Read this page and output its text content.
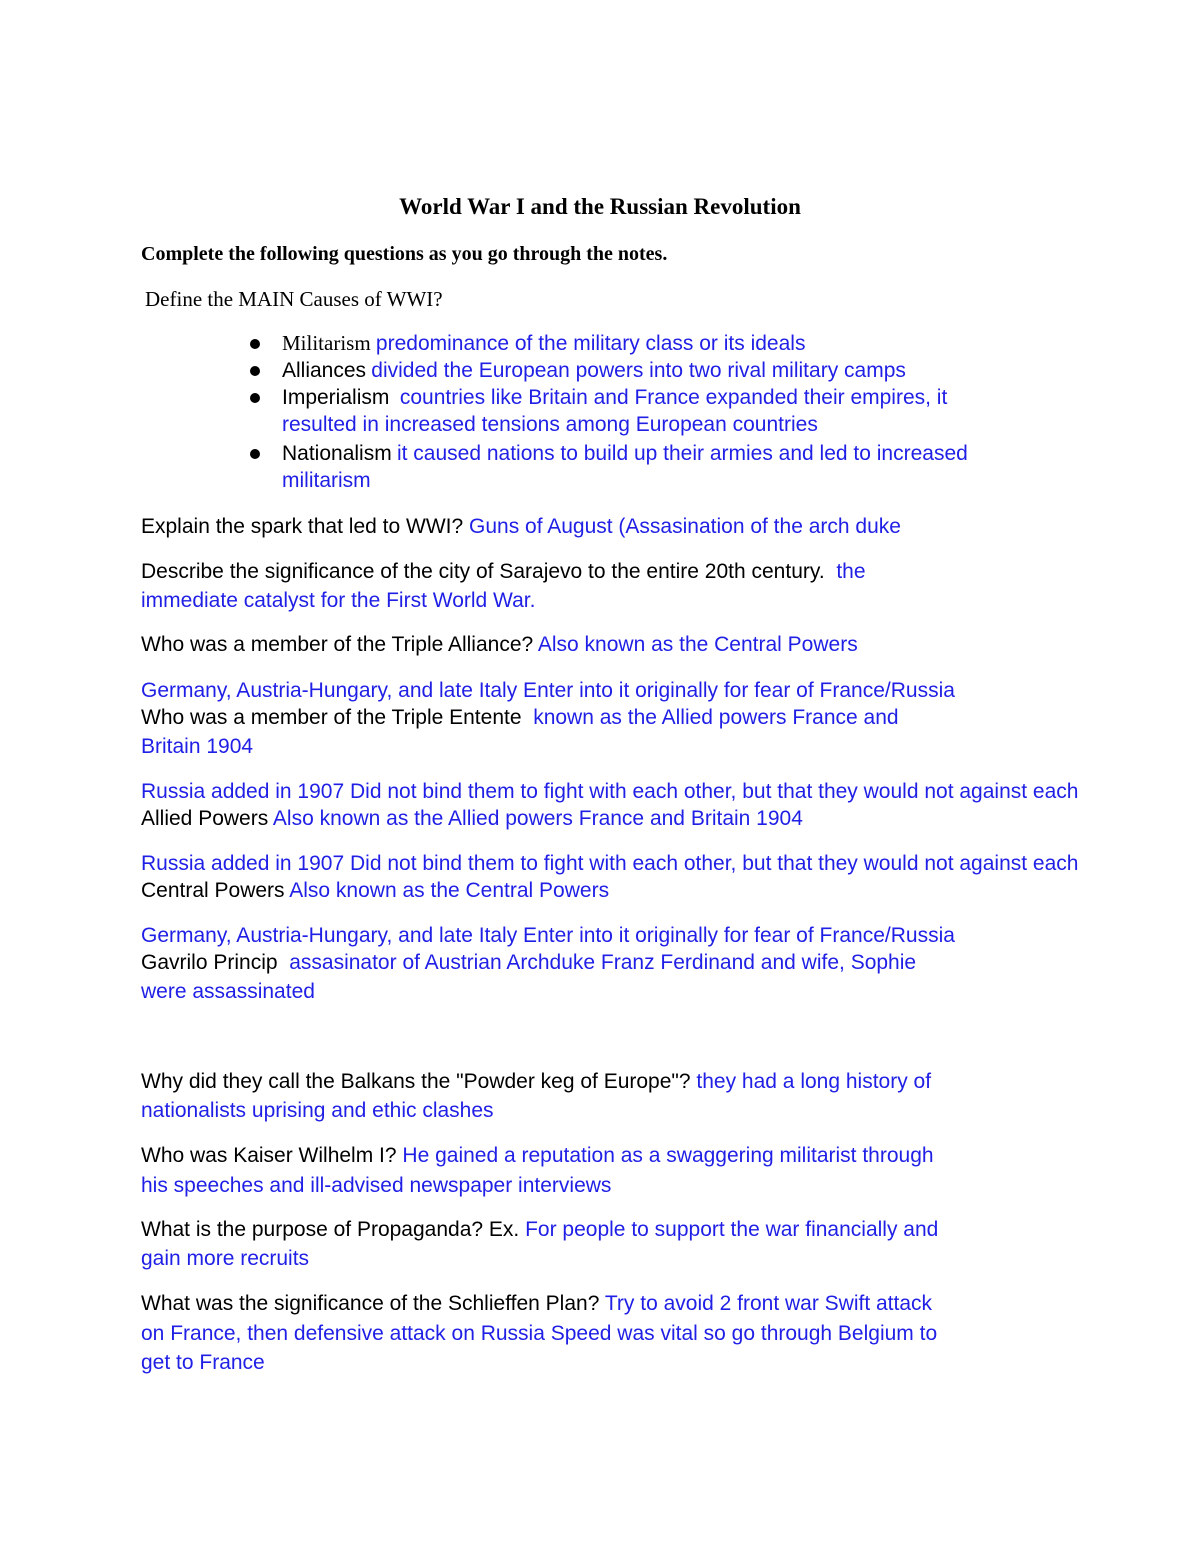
World War I and the Russian Revolution
Complete the following questions as you go through the notes.
Define the MAIN Causes of WWI?
Militarism predominance of the military class or its ideals
Alliances divided the European powers into two rival military camps
Imperialism countries like Britain and France expanded their empires, it
resulted in increased tensions among European countries
Nationalism it caused nations to build up their armies and led to increased
militarism
Explain the spark that led to WWI? Guns of August (Assasination of the arch duke
Describe the significance of the city of Sarajevo to the entire 20th century. the
immediate catalyst for the First World War.
Who was a member of the Triple Alliance? Also known as the Central Powers
Germany, Austria-Hungary, and late Italy Enter into it originally for fear of France/Russia
Who was a member of the Triple Entente known as the Allied powers France and
Britain 1904
Russia added in 1907 Did not bind them to fight with each other, but that they would not against each
Allied Powers Also known as the Allied powers France and Britain 1904
Russia added in 1907 Did not bind them to fight with each other, but that they would not against each
Central Powers Also known as the Central Powers
Germany, Austria-Hungary, and late Italy Enter into it originally for fear of France/Russia
Gavrilo Princip assasinator of Austrian Archduke Franz Ferdinand and wife, Sophie
were assassinated
Why did they call the Balkans the "Powder keg of Europe"? they had a long history of
nationalists uprising and ethic clashes
Who was Kaiser Wilhelm I? He gained a reputation as a swaggering militarist through
his speeches and ill-advised newspaper interviews
What is the purpose of Propaganda? Ex. For people to support the war financially and
gain more recruits
What was the significance of the Schlieffen Plan? Try to avoid 2 front war Swift attack
on France, then defensive attack on Russia Speed was vital so go through Belgium to
get to France
